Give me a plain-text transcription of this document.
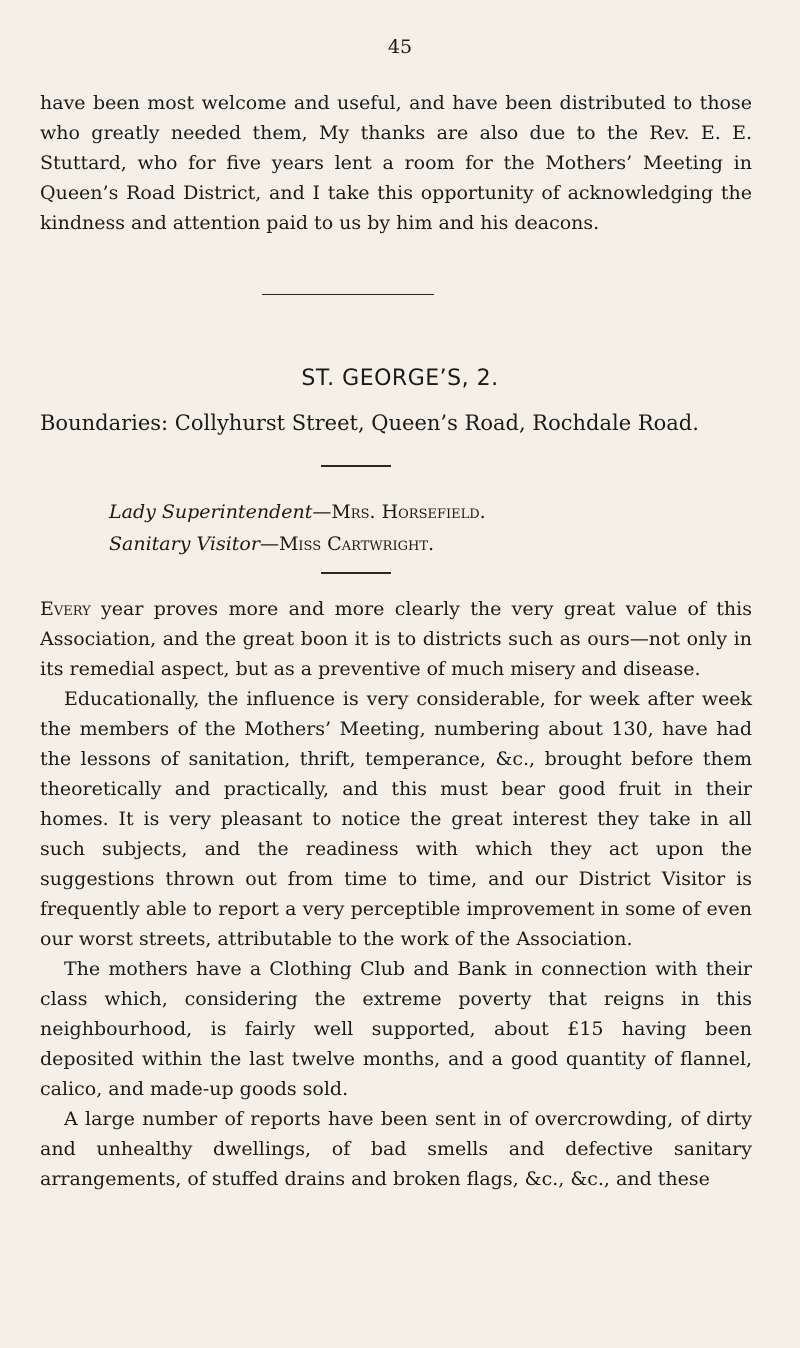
45

have been most welcome and useful, and have been distributed to those who greatly needed them, My thanks are also due to the Rev. E. E. Stuttard, who for five years lent a room for the Mothers’ Meeting in Queen’s Road District, and I take this opportunity of acknowledging the kindness and attention paid to us by him and his deacons.

ST. GEORGE’S, 2.
Boundaries: Collyhurst Street, Queen’s Road, Rochdale Road.
Lady Superintendent—Mrs. Horsefield.
Sanitary Visitor—Miss Cartwright.

Every year proves more and more clearly the very great value of this Association, and the great boon it is to districts such as ours—not only in its remedial aspect, but as a preventive of much misery and disease.

Educationally, the influence is very considerable, for week after week the members of the Mothers’ Meeting, numbering about 130, have had the lessons of sanitation, thrift, temperance, &c., brought before them theoretically and practically, and this must bear good fruit in their homes. It is very pleasant to notice the great interest they take in all such subjects, and the readiness with which they act upon the suggestions thrown out from time to time, and our District Visitor is frequently able to report a very perceptible improvement in some of even our worst streets, attributable to the work of the Association.

The mothers have a Clothing Club and Bank in connection with their class which, considering the extreme poverty that reigns in this neighbourhood, is fairly well supported, about £15 having been deposited within the last twelve months, and a good quantity of flannel, calico, and made-up goods sold.

A large number of reports have been sent in of overcrowding, of dirty and unhealthy dwellings, of bad smells and defective sanitary arrangements, of stuffed drains and broken flags, &c., &c., and these
